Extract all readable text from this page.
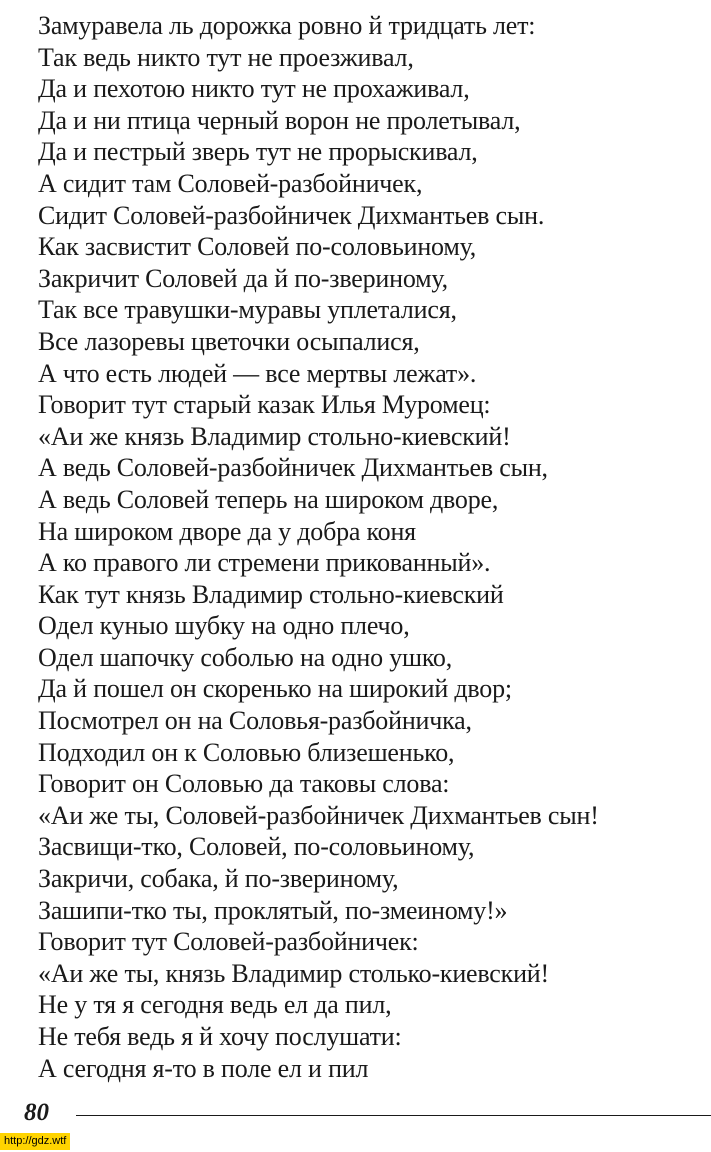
Замуравела ль дорожка ровно й тридцать лет:
Так ведь никто тут не проезживал,
Да и пехотою никто тут не прохаживал,
Да и ни птица черный ворон не пролетывал,
Да и пестрый зверь тут не прорыскивал,
А сидит там Соловей-разбойничек,
Сидит Соловей-разбойничек Дихмантьев сын.
Как засвистит Соловей по-соловьиному,
Закричит Соловей да й по-звериному,
Так все травушки-муравы уплеталися,
Все лазоревы цветочки осыпалися,
А что есть людей — все мертвы лежат».
Говорит тут старый казак Илья Муромец:
«Аи же князь Владимир стольно-киевский!
А ведь Соловей-разбойничек Дихмантьев сын,
А ведь Соловей теперь на широком дворе,
На широком дворе да у добра коня
А ко правого ли стремени прикованный».
Как тут князь Владимир стольно-киевский
Одел куныо шубку на одно плечо,
Одел шапочку соболью на одно ушко,
Да й пошел он скоренько на широкий двор;
Посмотрел он на Соловья-разбойничка,
Подходил он к Соловью близешенько,
Говорит он Соловью да таковы слова:
«Аи же ты, Соловей-разбойничек Дихмантьев сын!
Засвищи-тко, Соловей, по-соловьиному,
Закричи, собака, й по-звериному,
Зашипи-тко ты, проклятый, по-змеиному!»
Говорит тут Соловей-разбойничек:
«Аи же ты, князь Владимир столько-киевский!
Не у тя я сегодня ведь ел да пил,
Не тебя ведь я й хочу послушати:
А сегодня я-то в поле ел и пил
80
http://gdz.wtf
